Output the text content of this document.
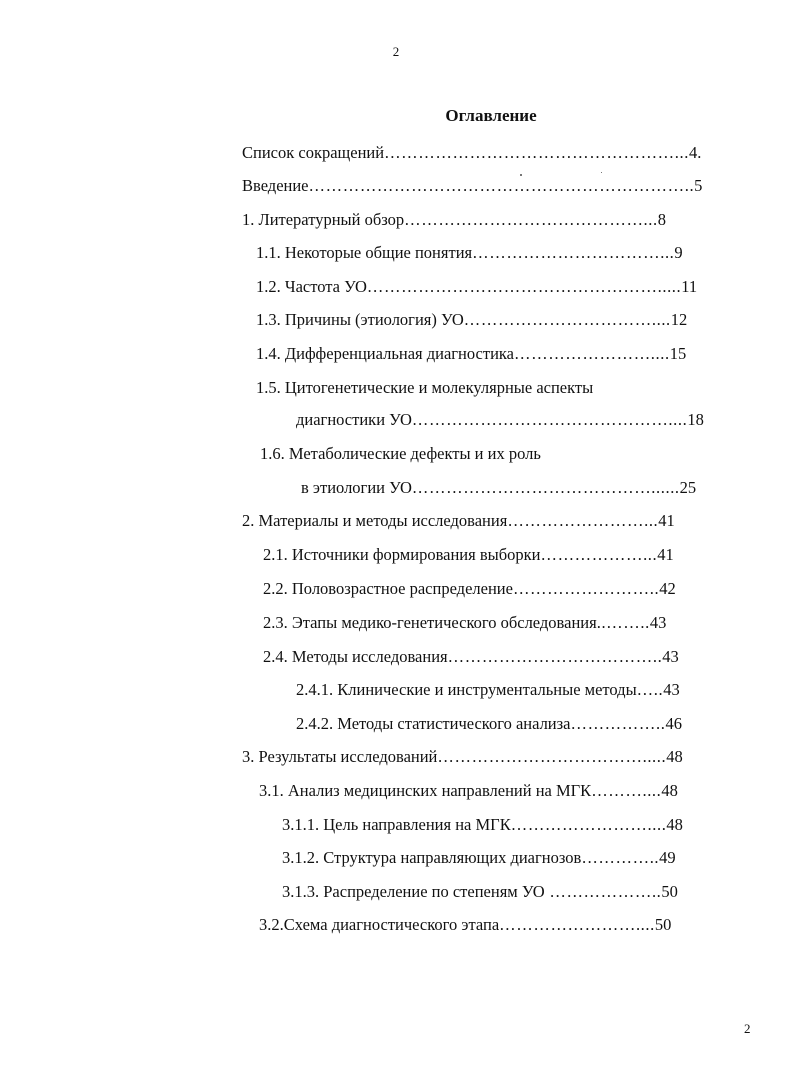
2
Оглавление
Список сокращений……………………………………………...4.
Введение…………………………………………………………..5
1. Литературный обзор……………………………………...8
1.1. Некоторые общие понятия……………………………...9
1.2. Частота УО…………………………………………….....11
1.3. Причины (этиология) УО……………………………....12
1.4. Дифференциальная диагностика……………………....15
1.5. Цитогенетические и молекулярные аспекты
диагностики УО………………………………………....18
1.6. Метаболические дефекты и их роль
в этиологии УО……………………………………......25
2. Материалы и методы исследования……………………...41
2.1. Источники формирования выборки………………...41
2.2. Половозрастное распределение……………………..42
2.3. Этапы медико-генетического обследования..……..43
2.4. Методы исследования………………………………..43
2.4.1. Клинические и инструментальные методы…..43
2.4.2. Методы статистического анализа……………..46
3. Результаты исследований……………………………….....48
3.1. Анализ медицинских направлений на МГК………....48
3.1.1. Цель направления на МГК……………………....48
3.1.2. Структура направляющих диагнозов…………..49
3.1.3. Распределение по степеням УО ………………..50
3.2.Схема диагностического этапа……………………....50
2
